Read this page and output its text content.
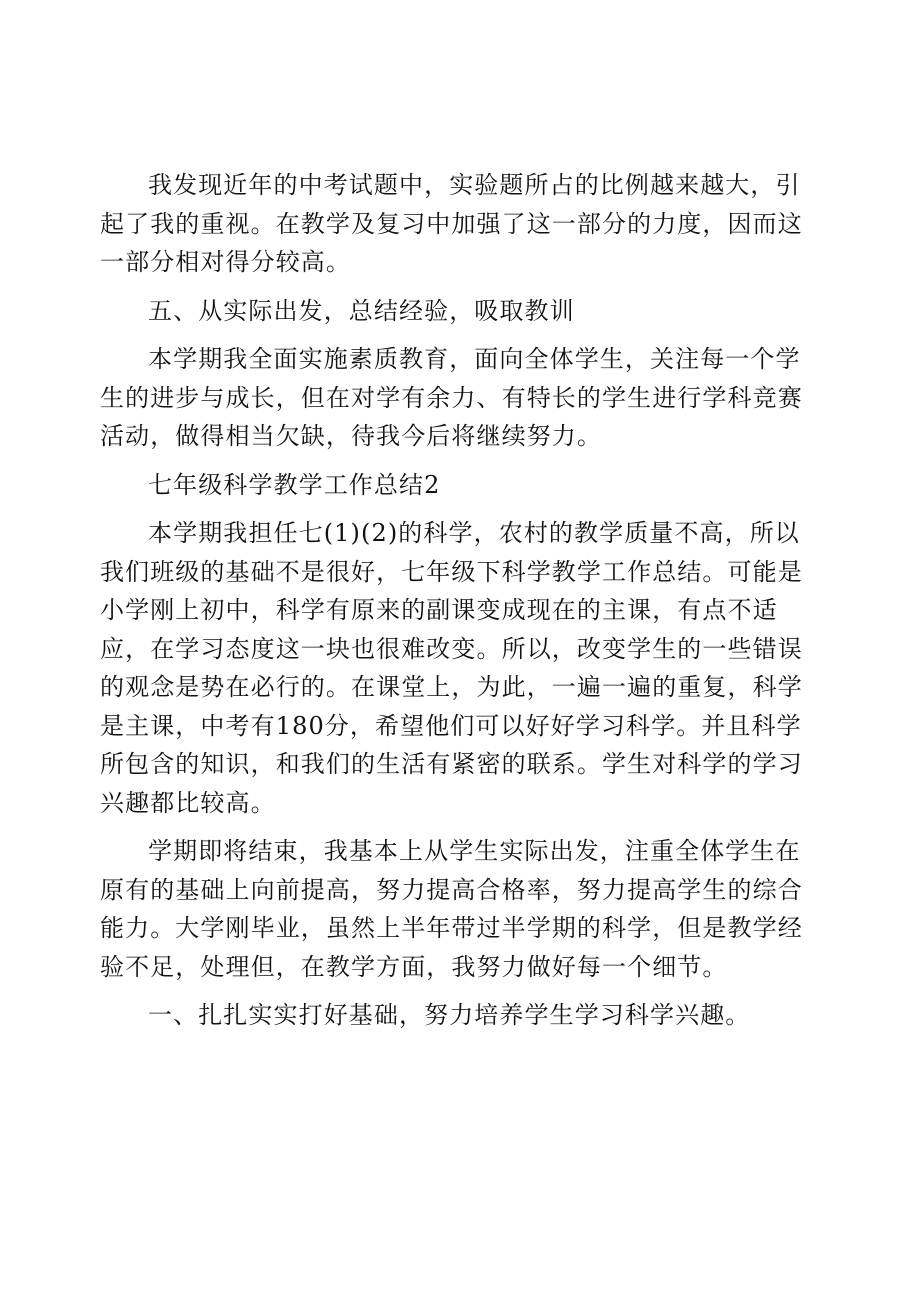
我发现近年的中考试题中，实验题所占的比例越来越大，引起了我的重视。在教学及复习中加强了这一部分的力度，因而这一部分相对得分较高。

五、从实际出发，总结经验，吸取教训

本学期我全面实施素质教育，面向全体学生，关注每一个学生的进步与成长，但在对学有余力、有特长的学生进行学科竞赛活动，做得相当欠缺，待我今后将继续努力。

七年级科学教学工作总结2

本学期我担任七(1)(2)的科学，农村的教学质量不高，所以我们班级的基础不是很好，七年级下科学教学工作总结。可能是小学刚上初中，科学有原来的副课变成现在的主课，有点不适应，在学习态度这一块也很难改变。所以，改变学生的一些错误的观念是势在必行的。在课堂上，为此，一遍一遍的重复，科学是主课，中考有180分，希望他们可以好好学习科学。并且科学所包含的知识，和我们的生活有紧密的联系。学生对科学的学习兴趣都比较高。

学期即将结束，我基本上从学生实际出发，注重全体学生在原有的基础上向前提高，努力提高合格率，努力提高学生的综合能力。大学刚毕业，虽然上半年带过半学期的科学，但是教学经验不足，处理但，在教学方面，我努力做好每一个细节。

一、扎扎实实打好基础，努力培养学生学习科学兴趣。
